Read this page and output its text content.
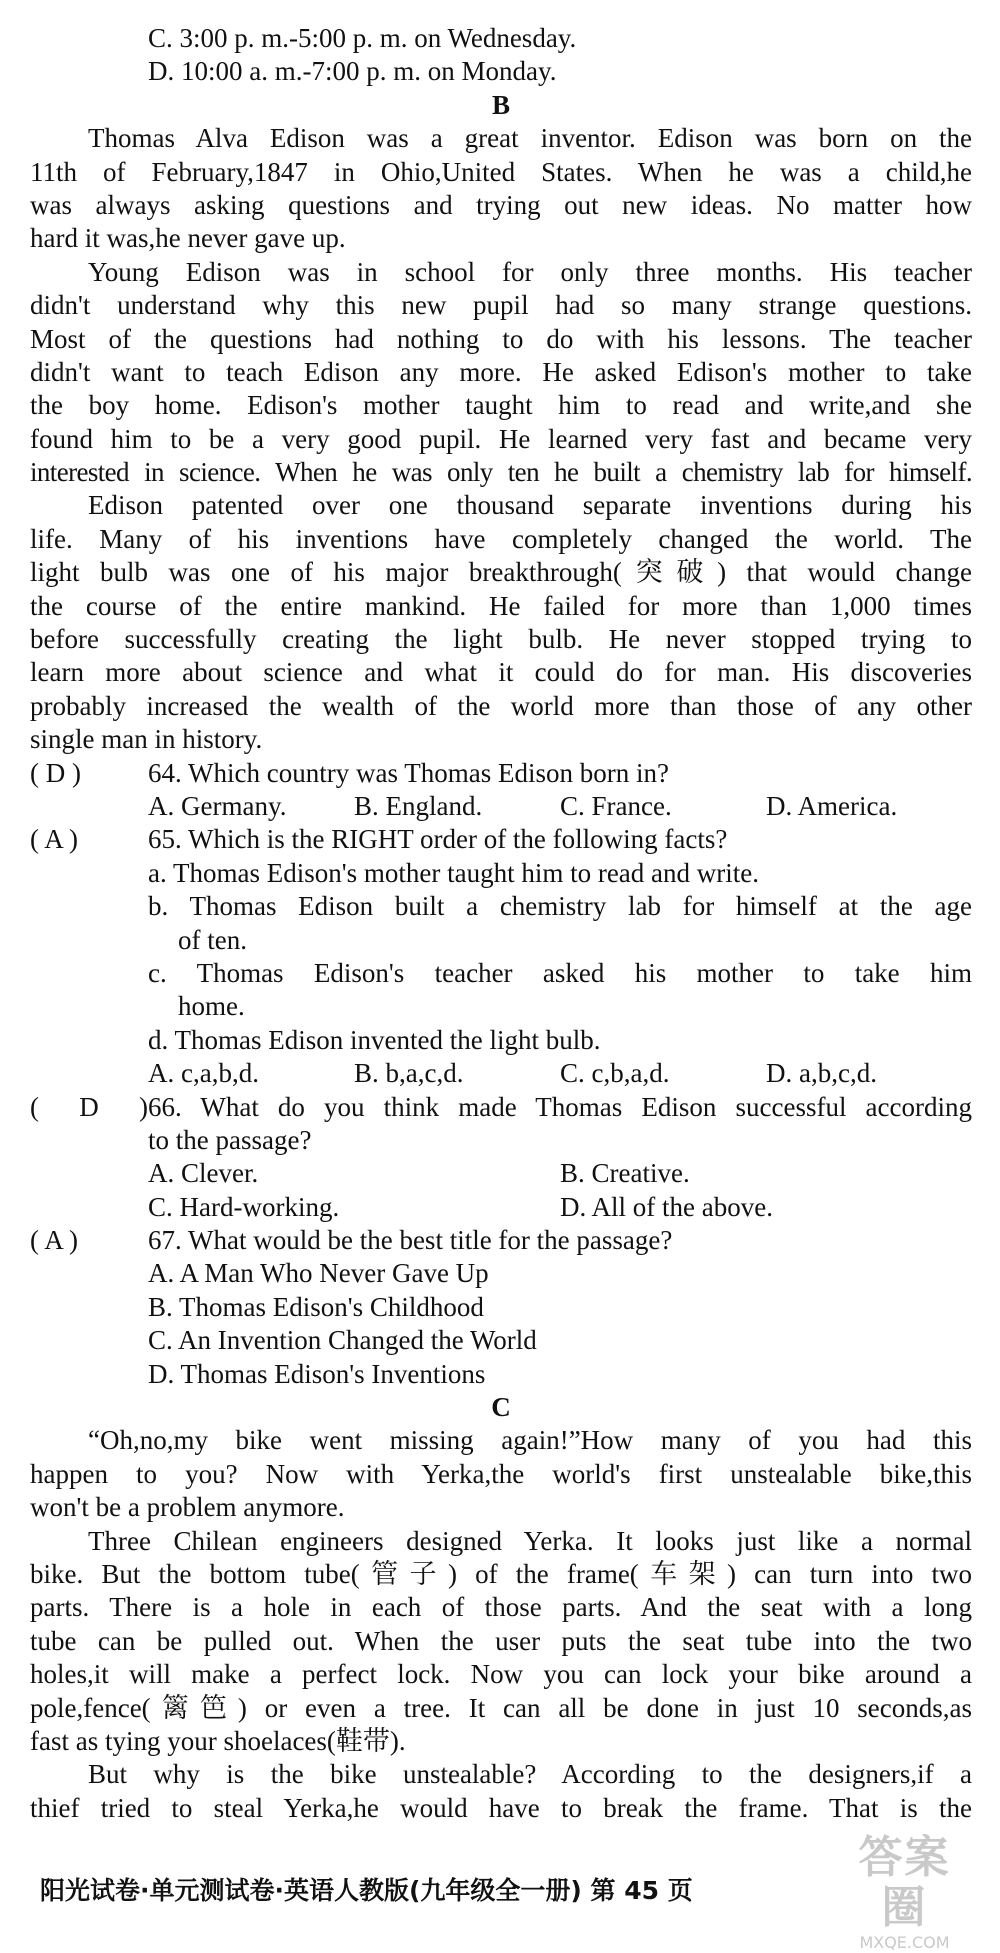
C. 3:00 p. m.-5:00 p. m. on Wednesday.
D. 10:00 a. m.-7:00 p. m. on Monday.
B
Thomas Alva Edison was a great inventor. Edison was born on the
11th of February,1847 in Ohio,United States. When he was a child,he
was always asking questions and trying out new ideas. No matter how
hard it was,he never gave up.
Young Edison was in school for only three months. His teacher
didn't understand why this new pupil had so many strange questions.
Most of the questions had nothing to do with his lessons. The teacher
didn't want to teach Edison any more. He asked Edison's mother to take
the boy home. Edison's mother taught him to read and write,and she
found him to be a very good pupil. He learned very fast and became very
interested in science. When he was only ten he built a chemistry lab for himself.
Edison patented over one thousand separate inventions during his
life. Many of his inventions have completely changed the world. The
light bulb was one of his major breakthrough(突破) that would change
the course of the entire mankind. He failed for more than 1,000 times
before successfully creating the light bulb. He never stopped trying to
learn more about science and what it could do for man. His discoveries
probably increased the wealth of the world more than those of any other
single man in history.
( D ) 64. Which country was Thomas Edison born in?
A. Germany.	B. England.	C. France.	D. America.
( A )	65. Which is the RIGHT order of the following facts?
a. Thomas Edison's mother taught him to read and write.
b. Thomas Edison built a chemistry lab for himself at the age
of ten.
c. Thomas Edison's teacher asked his mother to take him
home.
d. Thomas Edison invented the light bulb.
A. c,a,b,d.	B. b,a,c,d.	C. c,b,a,d.	D. a,b,c,d.
( D )66. What do you think made Thomas Edison successful according
to the passage?
A. Clever.	B. Creative.
C. Hard-working.	D. All of the above.
( A )	67. What would be the best title for the passage?
A. A Man Who Never Gave Up
B. Thomas Edison's Childhood
C. An Invention Changed the World
D. Thomas Edison's Inventions
C
“Oh,no,my bike went missing again!”How many of you had this
happen to you? Now with Yerka,the world's first unstealable bike,this
won't be a problem anymore.
Three Chilean engineers designed Yerka. It looks just like a normal
bike. But the bottom tube(管子) of the frame(车架) can turn into two
parts. There is a hole in each of those parts. And the seat with a long
tube can be pulled out. When the user puts the seat tube into the two
holes,it will make a perfect lock. Now you can lock your bike around a
pole,fence(篱笆) or even a tree. It can all be done in just 10 seconds,as
fast as tying your shoelaces(鞋带).
But why is the bike unstealable? According to the designers,if a
thief tried to steal Yerka,he would have to break the frame. That is the
阳光试卷·单元测试卷·英语人教版(九年级全一册) 第 45 页
答案圈
MXQE.COM
